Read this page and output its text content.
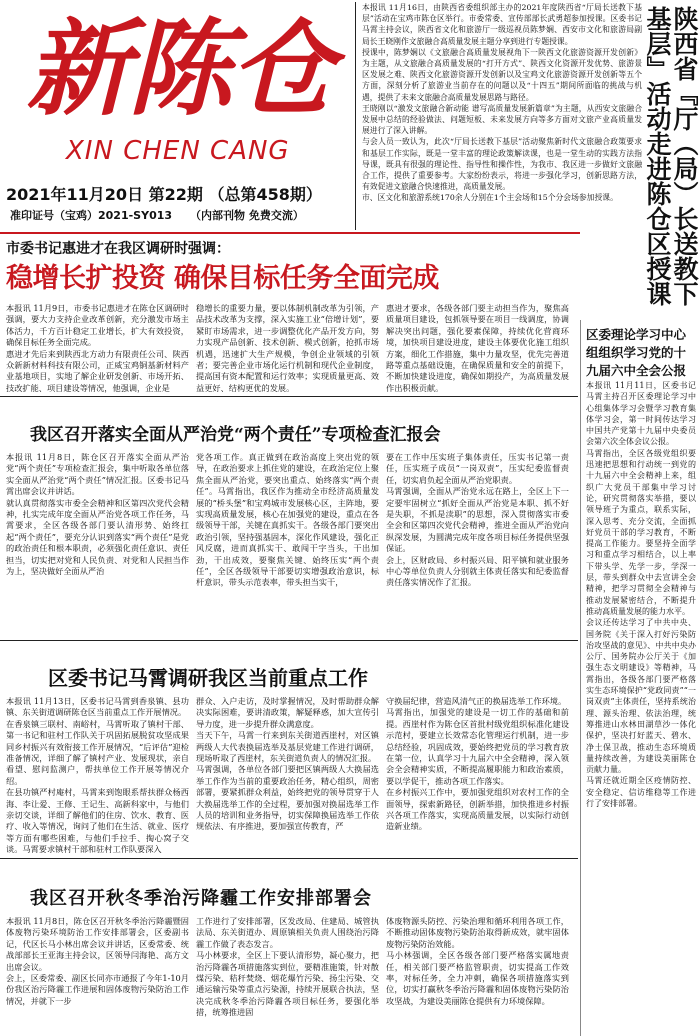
新陈仓
XIN CHEN CANG
2021年11月20日 第22期 （总第458期）
准印证号（宝鸡）2021-SY013 （内部刊物 免费交流）
本报讯 11月16日，由陕西省委组织部主办的2021年度陕西省“厅局长送教下基层”活动在宝鸡市陈仓区举行。市委常委、宣传部部长武勇超参加授课。区委书记马霄主持会议，陕西省文化和旅游厅一级巡视员陈梦娴、西安市文化和旅游局副局长王晓刚作文旅融合高质量发展主题分享到进行专题授课。
授课中，陈梦娴以《文旅融合高质量发展视角下一陕西文化旅游资源开发创新》为主题，从文旅融合高质量发展的“打开方式”、陕西文化资源开发优势、旅游景区发展之难、陕西文化旅游资源开发创新以及宝鸡文化旅游资源开发创新等五个方面，深刻分析了旅游业当前存在的问题以及“十四五”期间所面临的挑战与机遇，提供了未来文旅融合高质量发展思路与路径。
王晓刚以“激发文旅融合新动能 谱写高质量发展新篇章”为主题，从西安文旅融合发展中总结的经验做法、问题短板、未来发展方向等多方面对文旅产业高质量发展进行了深入讲解。
与会人员一致认为，此次“厅局长送教下基层”活动聚焦新时代文旅融合政策要求和基层工作实际，既是一堂丰富的理论政策解读课，也是一堂生动的实践方法指导课，既具有很强的理论性、指导性和操作性，为我市、我区进一步做好文旅融合工作，提供了重要参考。大家纷纷表示，将进一步强化学习，创新思路方法，有效促进文旅融合快速推进，高质量发展。
市、区文化和旅游系统170余人分别在1个主会场和15个分会场参加授课。	陕西省『厅（局）长送教下基层』活动走进陈仓区授课
市委书记惠进才在我区调研时强调：
稳增长扩投资 确保目标任务全面完成
本报讯 11月9日，市委书记惠进才在陈仓区调研时强调，要大力支持企业改革创新，充分激发市场主体活力，千方百计稳定工业增长，扩大有效投资，确保目标任务全面完成。
惠进才先后来到陕西北方动力有限责任公司、陕西众新新材料科技有限公司，正威宝鸡铜基新材料产业基地项目，实地了解企业研发创新、市场开拓、技改扩能、项目建设等情况，他强调，企业是
稳增长的重要力量，要以体制机制改革为引领，产品技术改革为支撑，深入实施工业“倍增计划”，要紧盯市场需求，进一步调整优化产品开发方向，努力实现产品创新、技术创新、模式创新，抢抓市场机遇，迅速扩大生产规模，争创企业领域的引领者；要完善企业市场化运行机制和现代企业制度，提高国有资本配置和运行效率；实现质量更高、效益更好、结构更优的发展。
惠进才要求，各级各部门要主动担当作为，聚焦高质量项目建设，包抓领导要在项目一线调度，协调解决突出问题，强化要素保障，持续优化营商环境，加快项目建设进度，建设主体要优化施工组织方案，细化工作措施，集中力量攻坚，优先完善道路等重点基础设施，在确保质量和安全的前提下，不断加快建设进度，确保如期投产，为高质量发展作出积极贡献。
我区召开落实全面从严治党“两个责任”专项检查汇报会
本报讯 11月8日，陈仓区召开落实全面从严治党“两个责任”专项检查汇报会，集中听取各单位落实全面从严治党“两个责任”情况汇报。区委书记马霄出席会议并讲话。
就认真贯彻落实市委全会精神和区第四次党代会精神，扎实完成年度全面从严治党各项工作任务，马霄要求，全区各级各部门要认清形势、始终扛起“两个责任”，要充分认识到落实“两个责任”是党的政治责任和根本职责，必须强化责任意识、责任担当，切实把对党和人民负责、对党和人民担当作为上，坚决做好全面从严治
党各项工作。真正做到在政治高度上突出党的领导，在政治要求上抓住党的建设，在政治定位上聚焦全面从严治党，要突出重点、始终落实“两个责任”。马霄指出，我区作为推动全市经济高质量发展的“桥头堡”和宝鸡城市发展核心区，主阵地，要实现高质量发展，核心在加强党的建设，重点在各级领导干部，关键在真抓实干。各级各部门要突出政治引领，坚持强基固本，深化作风建设，强化正风反腐，进而真抓实干、敢闯干字当头，干出加劲，干出成效，要聚焦关键、始终压实“两个责任”，全区各级领导干部要切实增强政治意识，标杆意识，带头示范表率，带头担当实干，
要在工作中压实班子集体责任，压实书记第一责任，压实班子成员“一岗双责”，压实纪委监督责任，切实肩负起全面从严治党职责。
马霄强调，全面从严治党永远在路上，全区上下一定要牢固树立“抓好全面从严治党是本职、抓不好是失职，不抓是渎职”的思想，深入贯彻落实市委全会和区第四次党代会精神，推进全面从严治党向纵深发展，为圆满完成年度各项目标任务提供坚强保证。
会上，区财政局、乡村振兴局、阳平镇和就业服务中心等单位负责人分别就主体责任落实和纪委监督责任落实情况作了汇报。
区委书记马霄调研我区当前重点工作
本报讯 11月13日，区委书记马霄到香泉镇、县功镇、东关街道调研陈仓区当前重点工作开展情况。
在香泉镇三联村、南峪村，马霄听取了镇村干部、第一书记和驻村工作队关于巩固拓展脱贫攻坚成果同乡村振兴有效衔接工作开展情况，“后评估”迎检准备情况，详细了解了镇村产业、发展现状，亲自看望、慰问监测户，帮扶单位工作开展等情况介绍。
在县功镇严村庵村，马霄来到饱眼系帮扶群众杨西海、李让爱、王修、王记生、高新科家中，与他们亲切交谈，详细了解他们的住房、饮水、教育、医疗、收入等情况，询问了他们在生活、就业、医疗等方面有哪些困难，与他们手拉手、掏心窝子交谈。马霄要求镇村干部和驻村工作队要深入
群众、入户走访，及时掌握情况，及时帮助群众解决实际困难，要讲清政策，解疑释惑，加大宣传引导力度，进一步提升群众满意度。
当天下午，马霄一行来到东关街道西崖村，对区镇两级人大代表换届选举及基层党建工作进行调研，现场听取了西崖村，东关街道负责人的情况汇报。
马霄强调，各单位各部门要把区镇两级人大换届选举工作作为当前的重要政治任务，精心组织，周密部署，要紧抓群众利益，始终把党的领导贯穿于人大换届选举工作的全过程，要加强对换届选举工作人员的培训和业务指导，切实保障换届选举工作依规依法、有序推进，要加强宣传教育，严
守换届纪律，营造风清气正的换届选举工作环境。
马霄指出，加强党的建设是一切工作的基础和前提。西崖村作为陈仓区首批村级党组织标准化建设示范村，要建立长效常态化管理运行机制，进一步总结经验，巩固成效，要始终把党员的学习教育放在第一位，认真学习十九届六中全会精神，深入领会全会精神实质，不断提高履职能力和政治素质，要以学促干，推动各项工作落实。
在乡村振兴工作中，要加强党组织对农村工作的全面领导，探索新路径，创新举措，加快推进乡村振兴各项工作落实，实现高质量发展，以实际行动创造新业绩。
我区召开秋冬季治污降霾工作安排部署会
本报讯 11月8日，陈仓区召开秋冬季治污降霾暨固体废物污染环境防治工作安排部署会，区委副书记，代区长马小林出席会议并讲话，区委常委、统战部部长王亚海主持会议，区领导闫海艳、高方文出席会议。
会上，区委常委、副区长同亦市通报了今年1-10月份我区治污降霾工作进展和固体废物污染防治工作情况，并就下一步
工作进行了安排部署，区发改局、住建局、城管执法局、东关街道办、周原镇相关负责人围绕治污降霾工作做了表态发言。
马小林要求，全区上下要认清形势，凝心聚力，把治污降霾各项措施落实到位，要精准施策，针对散煤污染、秸秆焚烧、烟花爆竹污染、扬尘污染、交通运输污染等重点污染源，持续开展联合执法，坚决完成秋冬季治污降霾各项目标任务，要强化举措，统筹推进固
体废物源头防控、污染治理和循环利用各项工作，不断推动固体废物污染防治取得新成效，就牢固体废物污染防治效能。
马小林强调，全区各级各部门要严格落实属地责任，相关部门要严格监管职责，切实提高工作效率，对标任务，全力冲刺，确保各项措施落实到位，切实打赢秋冬季治污降霾和固体废物污染防治攻坚战，为建设美丽陈仓提供有力环境保障。
区委理论学习中心组组织学习党的十九届六中全会公报
本报讯 11月11日，区委书记马霄主持召开区委理论学习中心组集体学习会暨学习教育集体学习会，第一时间传达学习中国共产党第十九届中央委员会第六次全体会议公报。
马霄指出，全区各级党组织要迅速把思想和行动统一到党的十九届六中全会精神上来，组织广大党员干部集中学习讨论，研究贯彻落实举措，要以领导班子为重点，联系实际，深入思考、充分交流，全面抓好党员干部的学习教育，不断提高工作能力。要坚持全面学习和重点学习相结合，以上率下带头学、先学一步，学深一层，带头到群众中去宣讲全会精神，把学习贯彻全会精神与推动发展紧密结合，不断提升推动高质量发展的能力水平。
会议还传达学习了中共中央、国务院《关于深入打好污染防治攻坚战的意见》、中共中央办公厅、国务院办公厅关于《加强生态文明建设》等精神，马霄指出，各级各部门要严格落实生态环境保护“党政同责”“一岗双责”主体责任，坚持系统治理、源头治理、依法治理，统筹推进山水林田湖草沙一体化保护，坚决打好蓝天、碧水、净土保卫战，推动生态环境质量持续改善，为建设美丽陈仓贡献力量。
马霄还就近期全区疫情防控、安全稳定、信访维稳等工作进行了安排部署。
